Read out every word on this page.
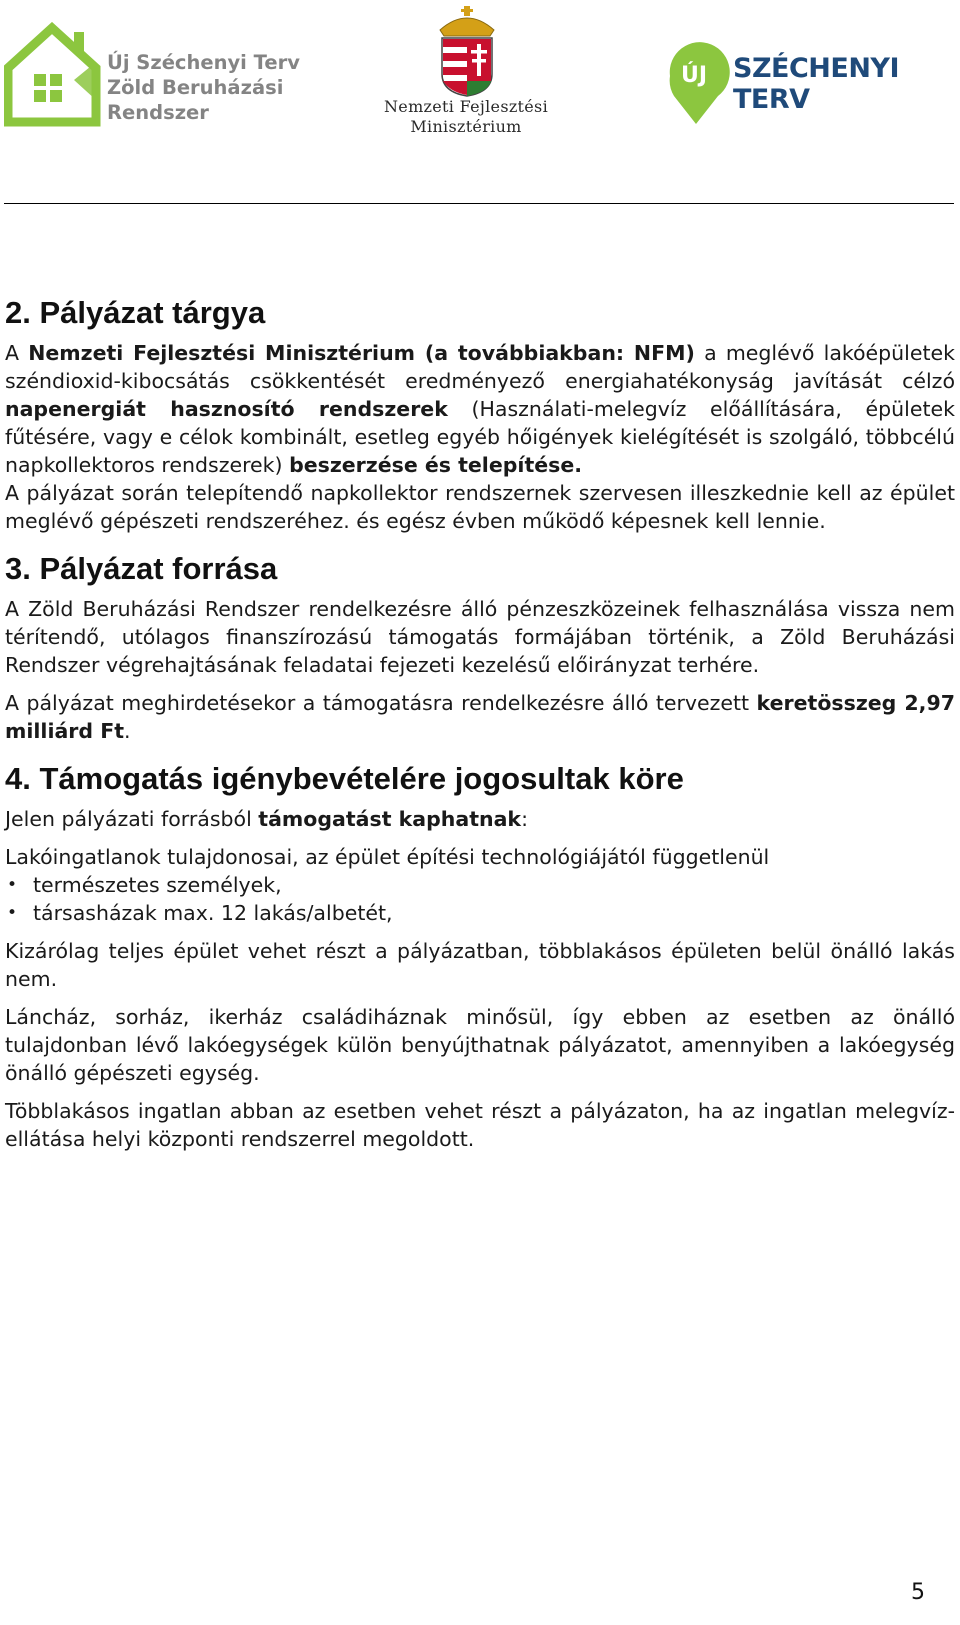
Új Széchenyi Terv
Zöld Beruházási
Rendszer	Nemzeti Fejlesztési
Minisztérium
ÚJ SZÉCHENYI TERV
2. Pályázat tárgya

A Nemzeti Fejlesztési Minisztérium (a továbbiakban: NFM) a meglévő lakóépületek széndioxid-kibocsátás csökkentését eredményező energiahatékonyság javítását célzó napenergiát hasznosító rendszerek (Használati-melegvíz előállítására, épületek fűtésére, vagy e célok kombinált, esetleg egyéb hőigények kielégítését is szolgáló, többcélú napkollektoros rendszerek) beszerzése és telepítése.

A pályázat során telepítendő napkollektor rendszernek szervesen illeszkednie kell az épület meglévő gépészeti rendszeréhez. és egész évben működő képesnek kell lennie.

3. Pályázat forrása

A Zöld Beruházási Rendszer rendelkezésre álló pénzeszközeinek felhasználása vissza nem térítendő, utólagos finanszírozású támogatás formájában történik, a Zöld Beruházási Rendszer végrehajtásának feladatai fejezeti kezelésű előirányzat terhére.

A pályázat meghirdetésekor a támogatásra rendelkezésre álló tervezett keretösszeg 2,97 milliárd Ft.

4. Támogatás igénybevételére jogosultak köre

Jelen pályázati forrásból támogatást kaphatnak:

Lakóingatlanok tulajdonosai, az épület építési technológiájától függetlenül

• természetes személyek,
• társasházak max. 12 lakás/albetét,

Kizárólag teljes épület vehet részt a pályázatban, többlakásos épületen belül önálló lakás nem.

Láncház, sorház, ikerház családiháznak minősül, így ebben az esetben az önálló tulajdonban lévő lakóegységek külön benyújthatnak pályázatot, amennyiben a lakóegység önálló gépészeti egység.

Többlakásos ingatlan abban az esetben vehet részt a pályázaton, ha az ingatlan melegvíz-ellátása helyi központi rendszerrel megoldott.

5
